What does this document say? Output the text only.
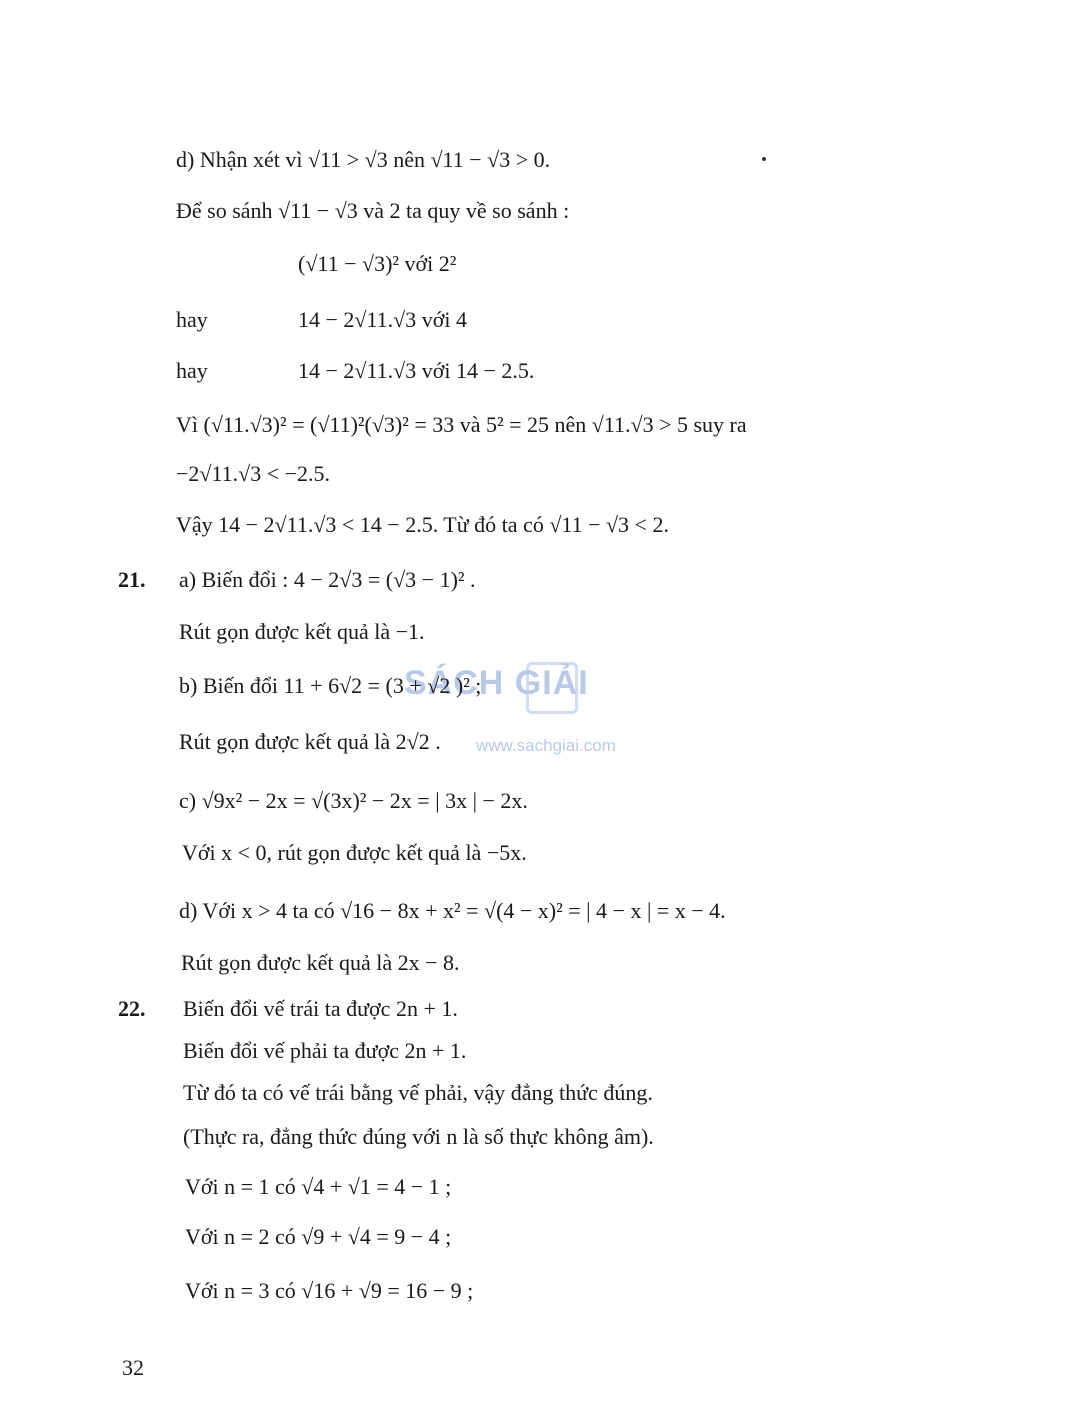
SÁCH GIẢI
www.sachgiai.com
d) Nhận xét vì √11 > √3 nên √11 − √3 > 0.
Để so sánh √11 − √3 và 2 ta quy về so sánh :
(√11 − √3)² với 2²
hay	14 − 2√11.√3 với 4
hay	14 − 2√11.√3 với 14 − 2.5.
Vì (√11.√3)² = (√11)²(√3)² = 33 và 5² = 25 nên √11.√3 > 5 suy ra
−2√11.√3 < −2.5.
Vậy 14 − 2√11.√3 < 14 − 2.5. Từ đó ta có √11 − √3 < 2.
21. a) Biến đổi : 4 − 2√3 = (√3 − 1)² .
Rút gọn được kết quả là −1.
b) Biến đổi 11 + 6√2 = (3 + √2 )² ;
Rút gọn được kết quả là 2√2 .
c) √9x² − 2x = √(3x)² − 2x = | 3x | − 2x.
Với x < 0, rút gọn được kết quả là −5x.
d) Với x > 4 ta có √16 − 8x + x² = √(4 − x)² = | 4 − x | = x − 4.
Rút gọn được kết quả là 2x − 8.
22. Biến đổi vế trái ta được 2n + 1.
Biến đổi vế phải ta được 2n + 1.
Từ đó ta có vế trái bằng vế phải, vậy đẳng thức đúng.
(Thực ra, đẳng thức đúng với n là số thực không âm).
Với n = 1 có √4 + √1 = 4 − 1 ;
Với n = 2 có √9 + √4 = 9 − 4 ;
Với n = 3 có √16 + √9 = 16 − 9 ;
32
